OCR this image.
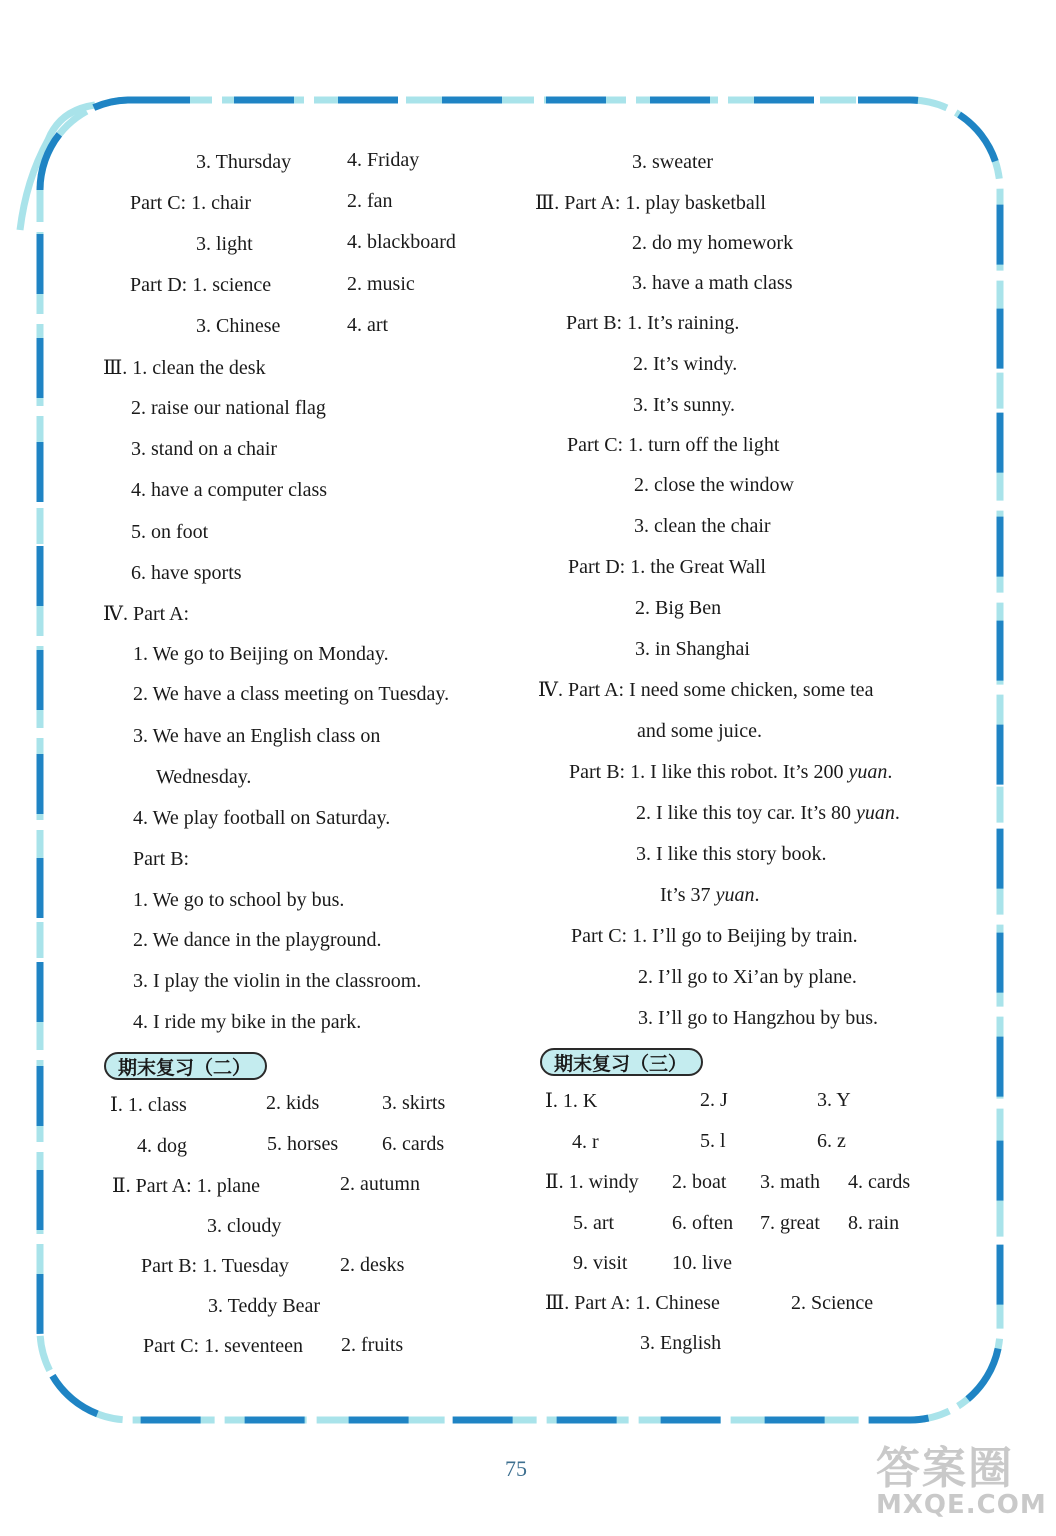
3. Thursday	4. Friday
Part C: 1. chair	2. fan
3. light	4. blackboard
Part D: 1. science	2. music
3. Chinese	4. art
Ⅲ. 1. clean the desk
2. raise our national flag
3. stand on a chair
4. have a computer class
5. on foot
6. have sports
Ⅳ. Part A:
1. We go to Beijing on Monday.
2. We have a class meeting on Tuesday.
3. We have an English class on
Wednesday.
4. We play football on Saturday.
Part B:
1. We go to school by bus.
2. We dance in the playground.
3. I play the violin in the classroom.
4. I ride my bike in the park.
3. sweater
Ⅲ. Part A: 1. play basketball
2. do my homework
3. have a math class
Part B: 1. It’s raining.
2. It’s windy.
3. It’s sunny.
Part C: 1. turn off the light
2. close the window
3. clean the chair
Part D: 1. the Great Wall
2. Big Ben
3. in Shanghai
Ⅳ. Part A: I need some chicken, some tea
and some juice.
Part B: 1. I like this robot. It’s 200 yuan.
2. I like this toy car. It’s 80 yuan.
3. I like this story book.
It’s 37 yuan.
Part C: 1. I’ll go to Beijing by train.
2. I’ll go to Xi’an by plane.
3. I’ll go to Hangzhou by bus.
期末复习（二）
Ⅰ. 1. class	2. kids	3. skirts
4. dog	5. horses 6. cards
Ⅱ. Part A: 1. plane	2. autumn
3. cloudy
Part B: 1. Tuesday	2. desks
3. Teddy Bear
Part C: 1. seventeen 2. fruits
期末复习（三）
Ⅰ. 1. K	2. J	3. Y
4. r	5. l	6. z
Ⅱ. 1. windy 2. boat 3. math 4. cards
5. art	6. often 7. great 8. rain
9. visit 10. live
Ⅲ. Part A: 1. Chinese	2. Science
3. English
75	答案圈
MXQE.COM
